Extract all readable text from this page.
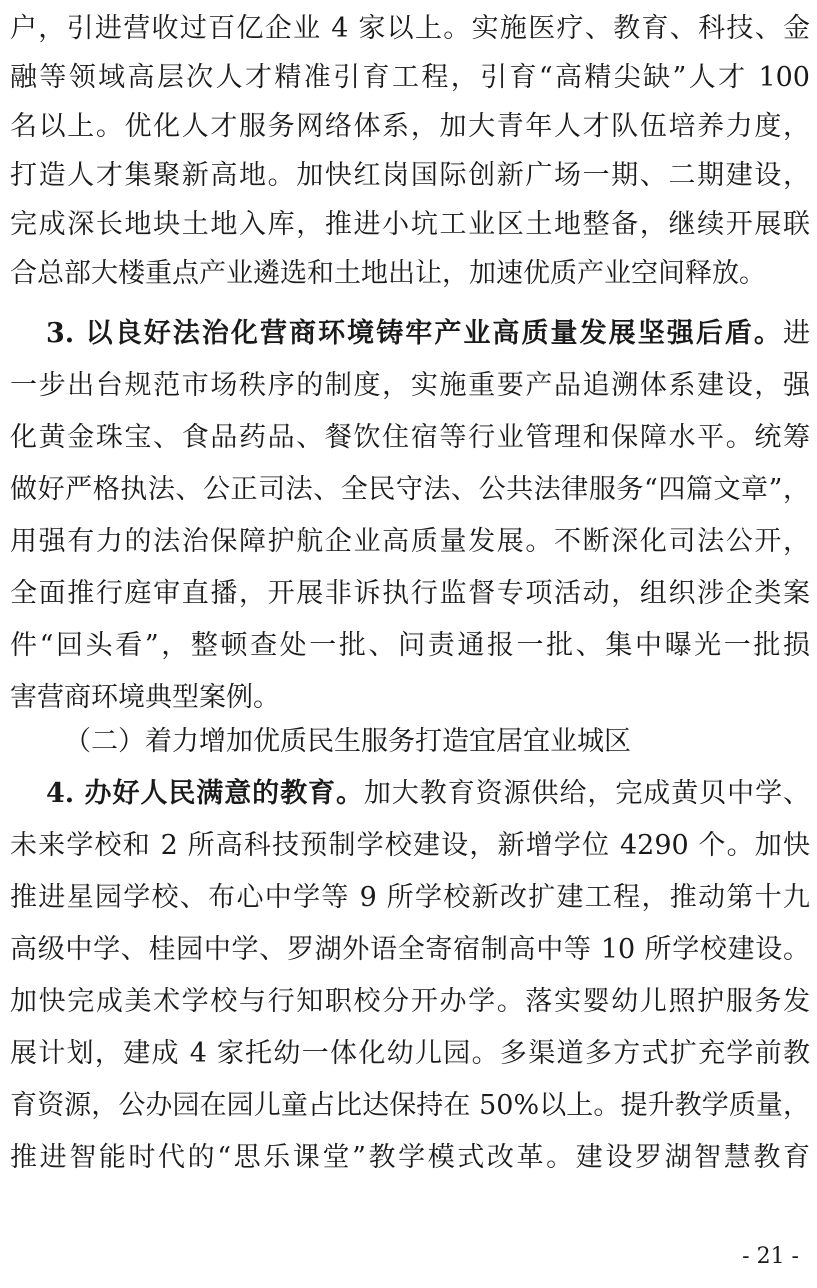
户，引进营收过百亿企业 4 家以上。实施医疗、教育、科技、金
融等领域高层次人才精准引育工程，引育“高精尖缺”人才 100
名以上。优化人才服务网络体系，加大青年人才队伍培养力度，
打造人才集聚新高地。加快红岗国际创新广场一期、二期建设，
完成深长地块土地入库，推进小坑工业区土地整备，继续开展联
合总部大楼重点产业遴选和土地出让，加速优质产业空间释放。
3. 以良好法治化营商环境铸牢产业高质量发展坚强后盾。进
一步出台规范市场秩序的制度，实施重要产品追溯体系建设，强
化黄金珠宝、食品药品、餐饮住宿等行业管理和保障水平。统筹
做好严格执法、公正司法、全民守法、公共法律服务“四篇文章”，
用强有力的法治保障护航企业高质量发展。不断深化司法公开，
全面推行庭审直播，开展非诉执行监督专项活动，组织涉企类案
件“回头看”，整顿查处一批、问责通报一批、集中曝光一批损
害营商环境典型案例。
（二）着力增加优质民生服务打造宜居宜业城区
4. 办好人民满意的教育。加大教育资源供给，完成黄贝中学、
未来学校和 2 所高科技预制学校建设，新增学位 4290 个。加快
推进星园学校、布心中学等 9 所学校新改扩建工程，推动第十九
高级中学、桂园中学、罗湖外语全寄宿制高中等 10 所学校建设。
加快完成美术学校与行知职校分开办学。落实婴幼儿照护服务发
展计划，建成 4 家托幼一体化幼儿园。多渠道多方式扩充学前教
育资源，公办园在园儿童占比达保持在 50%以上。提升教学质量，
推进智能时代的“思乐课堂”教学模式改革。建设罗湖智慧教育
- 21 -
